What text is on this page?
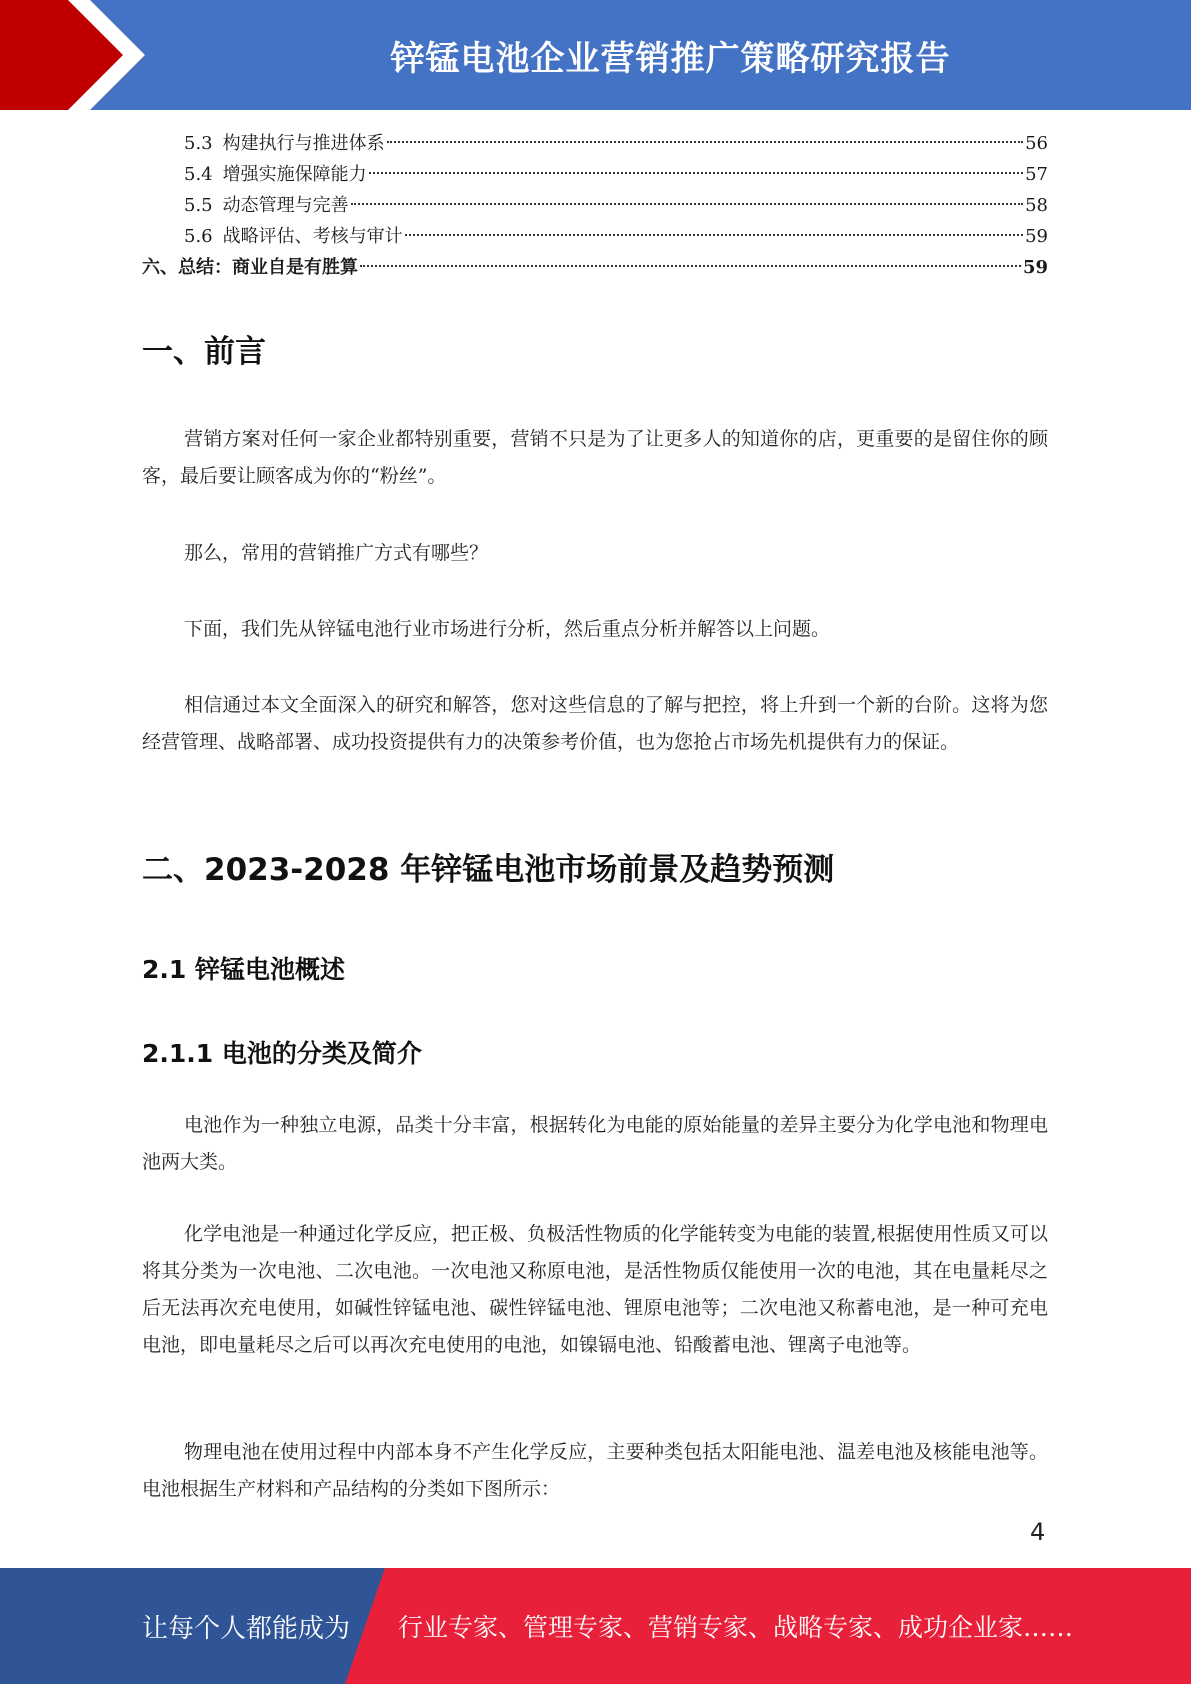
锌锰电池企业营销推广策略研究报告
5.3 构建执行与推进体系	56
5.4 增强实施保障能力	57
5.5 动态管理与完善	58
5.6 战略评估、考核与审计	59
六、总结：商业自是有胜算	59
一、前言

营销方案对任何一家企业都特别重要，营销不只是为了让更多人的知道你的店，更重要的是留住你的顾客，最后要让顾客成为你的“粉丝”。

那么，常用的营销推广方式有哪些？

下面，我们先从锌锰电池行业市场进行分析，然后重点分析并解答以上问题。

相信通过本文全面深入的研究和解答，您对这些信息的了解与把控，将上升到一个新的台阶。这将为您经营管理、战略部署、成功投资提供有力的决策参考价值，也为您抢占市场先机提供有力的保证。

二、2023-2028 年锌锰电池市场前景及趋势预测
2.1 锌锰电池概述
2.1.1 电池的分类及简介

电池作为一种独立电源，品类十分丰富，根据转化为电能的原始能量的差异主要分为化学电池和物理电池两大类。

化学电池是一种通过化学反应，把正极、负极活性物质的化学能转变为电能的装置,根据使用性质又可以将其分类为一次电池、二次电池。一次电池又称原电池，是活性物质仅能使用一次的电池，其在电量耗尽之后无法再次充电使用，如碱性锌锰电池、碳性锌锰电池、锂原电池等；二次电池又称蓄电池，是一种可充电电池，即电量耗尽之后可以再次充电使用的电池，如镍镉电池、铅酸蓄电池、锂离子电池等。

物理电池在使用过程中内部本身不产生化学反应，主要种类包括太阳能电池、温差电池及核能电池等。电池根据生产材料和产品结构的分类如下图所示：

4
让每个人都能成为 行业专家、管理专家、营销专家、战略专家、成功企业家……
